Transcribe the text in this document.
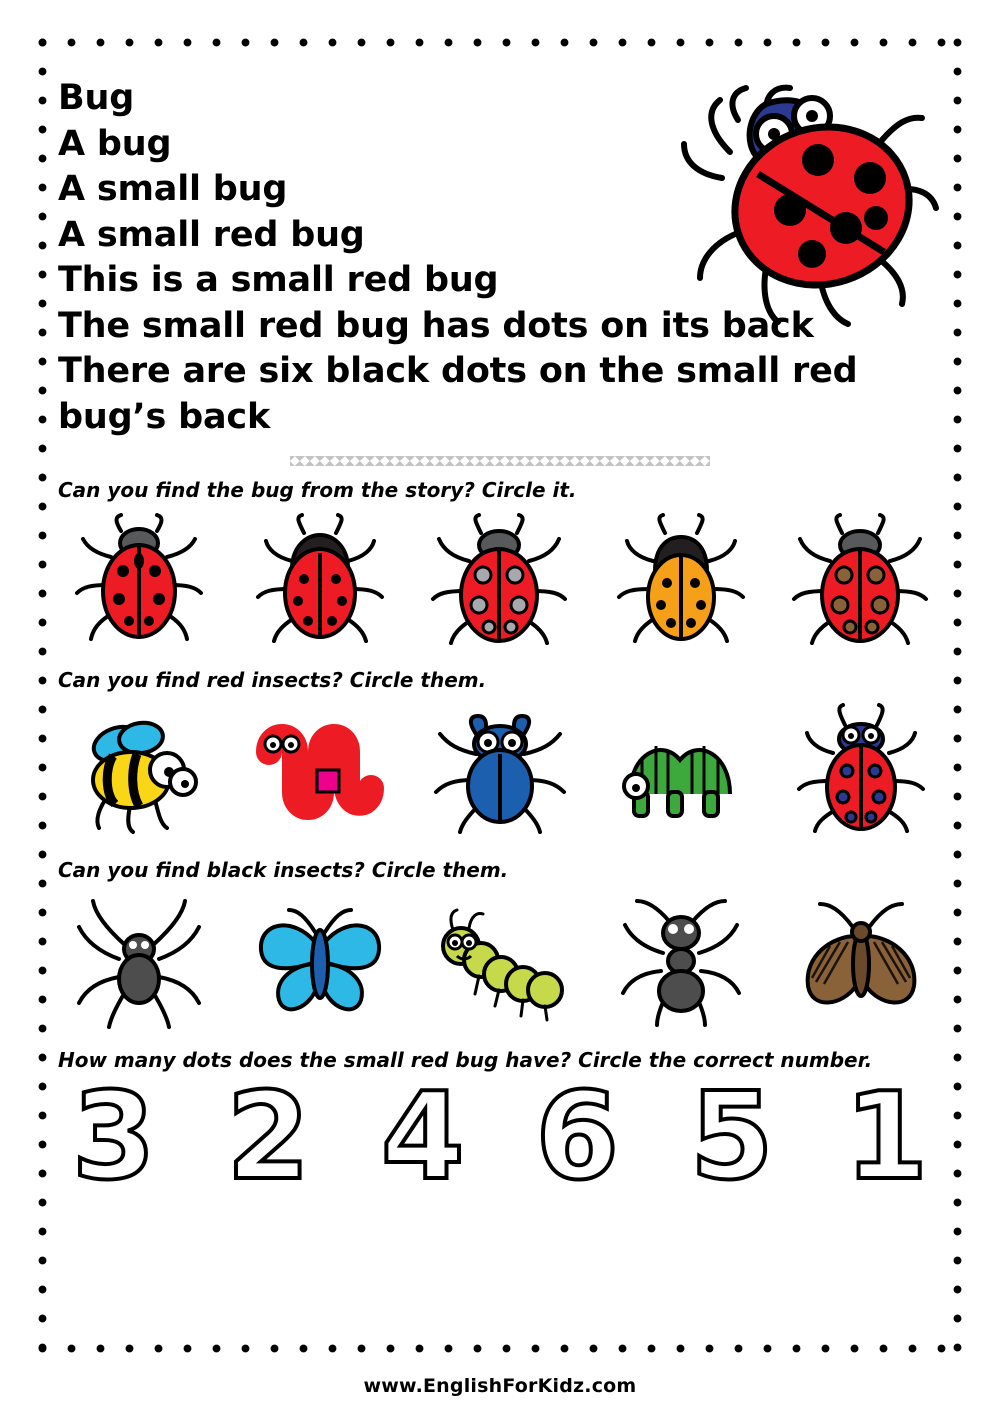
Bug
A bug
A small bug
A small red bug
This is a small red bug
The small red bug has dots on its back
There are six black dots on the small red bug’s back
Can you find the bug from the story? Circle it.
Can you find red insects? Circle them.
Can you find black insects? Circle them.
How many dots does the small red bug have? Circle the correct number.
3 2 4 6 5 1
www.EnglishForKidz.com
